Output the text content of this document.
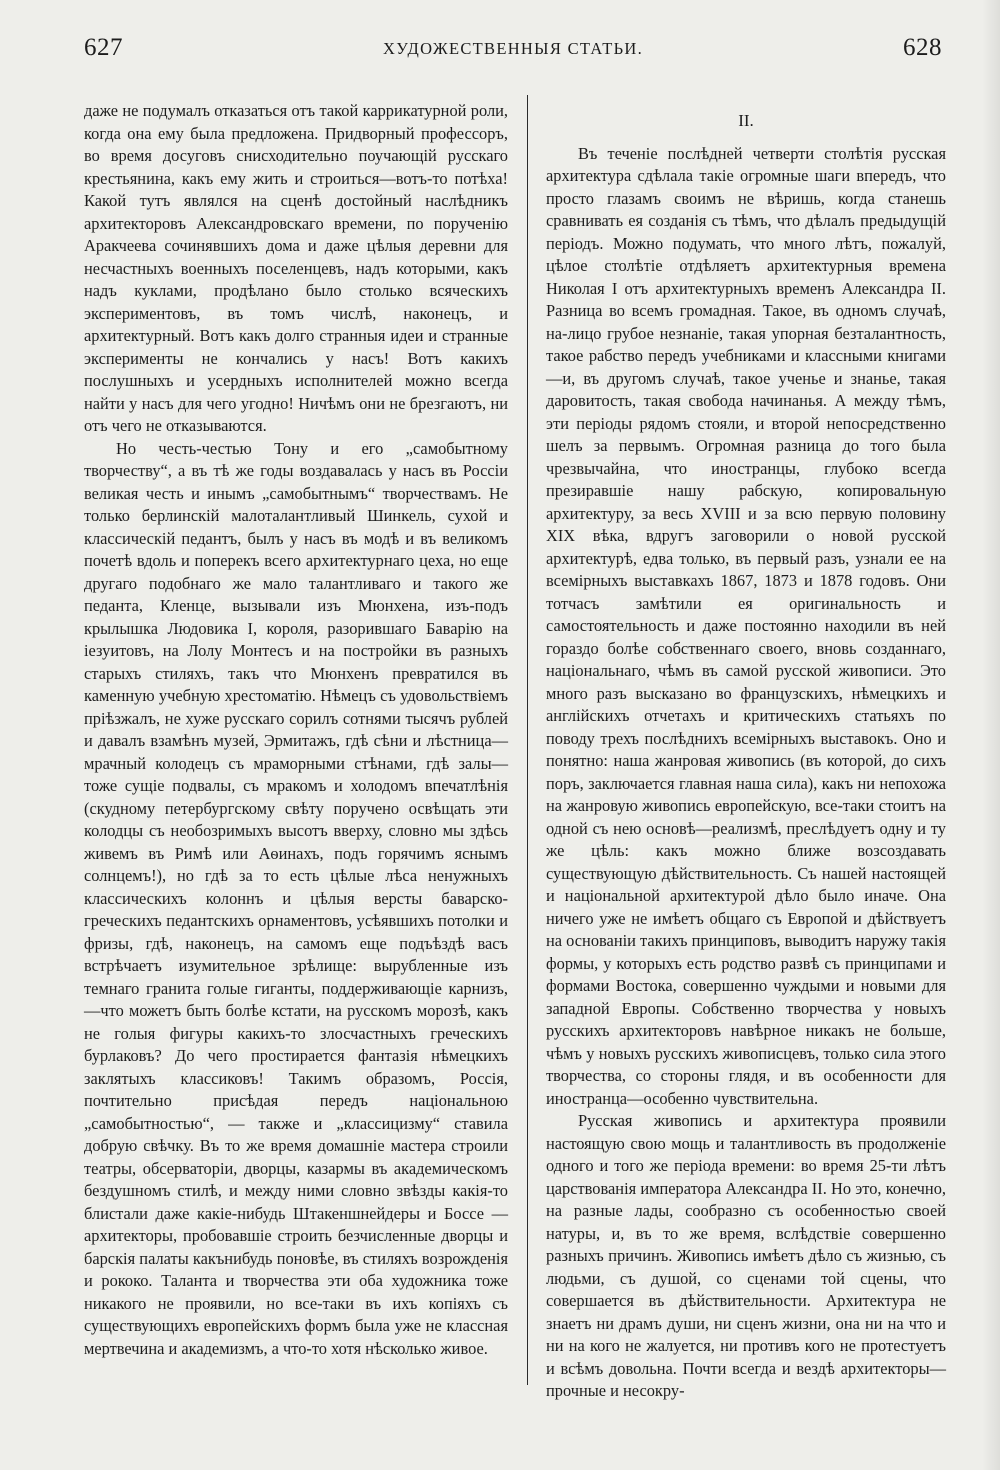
627	ХУДОЖЕСТВЕННЫЯ СТАТЬИ.	628

даже не подумалъ отказаться отъ такой каррикатурной роли, когда она ему была предложена. Придворный профессоръ, во время досуговъ снисходительно поучающій русскаго крестьянина, какъ ему жить и строиться—вотъ-то потѣха! Какой тутъ являлся на сценѣ достойный наслѣдникъ архитекторовъ Александровскаго времени, по порученію Аракчеева сочинявшихъ дома и даже цѣлыя деревни для несчастныхъ военныхъ поселенцевъ, надъ которыми, какъ надъ куклами, продѣлано было столько всяческихъ экспериментовъ, въ томъ числѣ, наконецъ, и архитектурный. Вотъ какъ долго странныя идеи и странные эксперименты не кончались у насъ! Вотъ какихъ послушныхъ и усердныхъ исполнителей можно всегда найти у насъ для чего угодно! Ничѣмъ они не брезгаютъ, ни отъ чего не отказываются.

Но честь-честью Тону и его „самобытному творчеству“, а въ тѣ же годы воздавалась у насъ въ Россіи великая честь и инымъ „самобытнымъ“ творчествамъ. Не только берлинскій малоталантливый Шинкель, сухой и классическій педантъ, былъ у насъ въ модѣ и въ великомъ почетѣ вдоль и поперекъ всего архитектурнаго цеха, но еще другаго подобнаго же мало талантливаго и такого же педанта, Кленце, вызывали изъ Мюнхена, изъ-подъ крылышка Людовика I, короля, разорившаго Баварію на іезуитовъ, на Лолу Монтесъ и на постройки въ разныхъ старыхъ стиляхъ, такъ что Мюнхенъ превратился въ каменную учебную хрестоматію. Нѣмецъ съ удовольствіемъ пріѣзжалъ, не хуже русскаго сорилъ сотнями тысячъ рублей и давалъ взамѣнъ музей, Эрмитажъ, гдѣ сѣни и лѣстница—мрачный колодецъ съ мраморными стѣнами, гдѣ залы—тоже сущіе подвалы, съ мракомъ и холодомъ впечатлѣнія (скудному петербургскому свѣту поручено освѣщать эти колодцы съ необозримыхъ высотъ вверху, словно мы здѣсь живемъ въ Римѣ или Аѳинахъ, подъ горячимъ яснымъ солнцемъ!), но гдѣ за то есть цѣлые лѣса ненужныхъ классическихъ колоннъ и цѣлыя версты баварско-греческихъ педантскихъ орнаментовъ, усѣявшихъ потолки и фризы, гдѣ, наконецъ, на самомъ еще подъѣздѣ васъ встрѣчаетъ изумительное зрѣлище: вырубленные изъ темнаго гранита голые гиганты, поддерживающіе карнизъ,—что можетъ быть болѣе кстати, на русскомъ морозѣ, какъ не голыя фигуры какихъ-то злосчастныхъ греческихъ бурлаковъ? До чего простирается фантазія нѣмецкихъ заклятыхъ классиковъ! Такимъ образомъ, Россія, почтительно присѣдая передъ національною „самобытностью“, — также и „классицизму“ ставила добрую свѣчку. Въ то же время домашніе мастера строили театры, обсерваторіи, дворцы, казармы въ академическомъ бездушномъ стилѣ, и между ними словно звѣзды какія-то блистали даже какіе-нибудь Штакеншнейдеры и Боссе — архитекторы, пробовавшіе строить безчисленные дворцы и барскія палаты какънибудь поновѣе, въ стиляхъ возрожденія и рококо. Таланта и творчества эти оба художника тоже никакого не проявили, но все-таки въ ихъ копіяхъ съ существующихъ европейскихъ формъ была уже не классная мертвечина и академизмъ, а что-то хотя нѣсколько живое.

II.

Въ теченіе послѣдней четверти столѣтія русская архитектура сдѣлала такіе огромные шаги впередъ, что просто глазамъ своимъ не вѣришь, когда станешь сравнивать ея созданія съ тѣмъ, что дѣлалъ предыдущій періодъ. Можно подумать, что много лѣтъ, пожалуй, цѣлое столѣтіе отдѣляетъ архитектурныя времена Николая I отъ архитектурныхъ временъ Александра II. Разница во всемъ громадная. Такое, въ одномъ случаѣ, на-лицо грубое незнаніе, такая упорная безталантность, такое рабство передъ учебниками и классными книгами—и, въ другомъ случаѣ, такое ученье и знанье, такая даровитость, такая свобода начинанья. А между тѣмъ, эти періоды рядомъ стояли, и второй непосредственно шелъ за первымъ. Огромная разница до того была чрезвычайна, что иностранцы, глубоко всегда презиравшіе нашу рабскую, копировальную архитектуру, за весь XVIII и за всю первую половину XIX вѣка, вдругъ заговорили о новой русской архитектурѣ, едва только, въ первый разъ, узнали ее на всемірныхъ выставкахъ 1867, 1873 и 1878 годовъ. Они тотчасъ замѣтили ея оригинальность и самостоятельность и даже постоянно находили въ ней гораздо болѣе собственнаго своего, вновь созданнаго, національнаго, чѣмъ въ самой русской живописи. Это много разъ высказано во французскихъ, нѣмецкихъ и англійскихъ отчетахъ и критическихъ статьяхъ по поводу трехъ послѣднихъ всемірныхъ выставокъ. Оно и понятно: наша жанровая живопись (въ которой, до сихъ поръ, заключается главная наша сила), какъ ни непохожа на жанровую живопись европейскую, все-таки стоитъ на одной съ нею основѣ—реализмѣ, преслѣдуетъ одну и ту же цѣль: какъ можно ближе возсоздавать существующую дѣйствительность. Съ нашей настоящей и національной архитектурой дѣло было иначе. Она ничего уже не имѣетъ общаго съ Европой и дѣйствуетъ на основаніи такихъ принциповъ, выводитъ наружу такія формы, у которыхъ есть родство развѣ съ принципами и формами Востока, совершенно чуждыми и новыми для западной Европы. Собственно творчества у новыхъ русскихъ архитекторовъ навѣрное никакъ не больше, чѣмъ у новыхъ русскихъ живописцевъ, только сила этого творчества, со стороны глядя, и въ особенности для иностранца—особенно чувствительна.

Русская живопись и архитектура проявили настоящую свою мощь и талантливость въ продолженіе одного и того же періода времени: во время 25-ти лѣтъ царствованія императора Александра II. Но это, конечно, на разные лады, сообразно съ особенностью своей натуры, и, въ то же время, вслѣдствіе совершенно разныхъ причинъ. Живопись имѣетъ дѣло съ жизнью, съ людьми, съ душой, со сценами той сцены, что совершается въ дѣйствительности. Архитектура не знаетъ ни драмъ души, ни сценъ жизни, она ни на что и ни на кого не жалуется, ни противъ кого не протестуетъ и всѣмъ довольна. Почти всегда и вездѣ архитекторы—прочные и несокру-
